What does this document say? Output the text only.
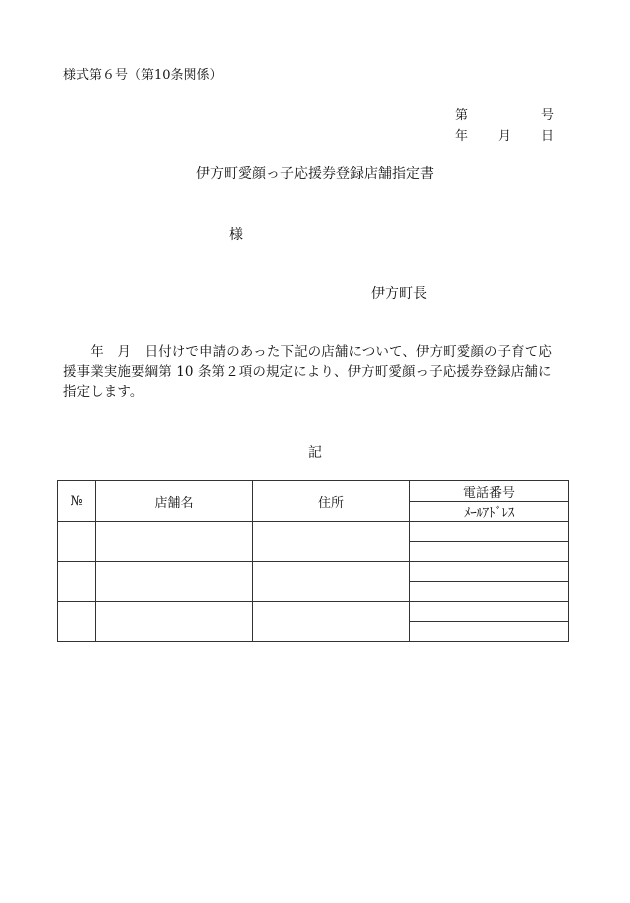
様式第６号（第10条関係）
第	号
年 月 日
伊方町愛顔っ子応援券登録店舗指定書
様
伊方町長
　　年　月　日付けで申請のあった下記の店舗について、伊方町愛顔の子育て応
援事業実施要綱第 10 条第２項の規定により、伊方町愛顔っ子応援券登録店舗に
指定します。
記
№	店舗名	住所	電話番号
			ﾒｰﾙｱﾄﾞﾚｽ
